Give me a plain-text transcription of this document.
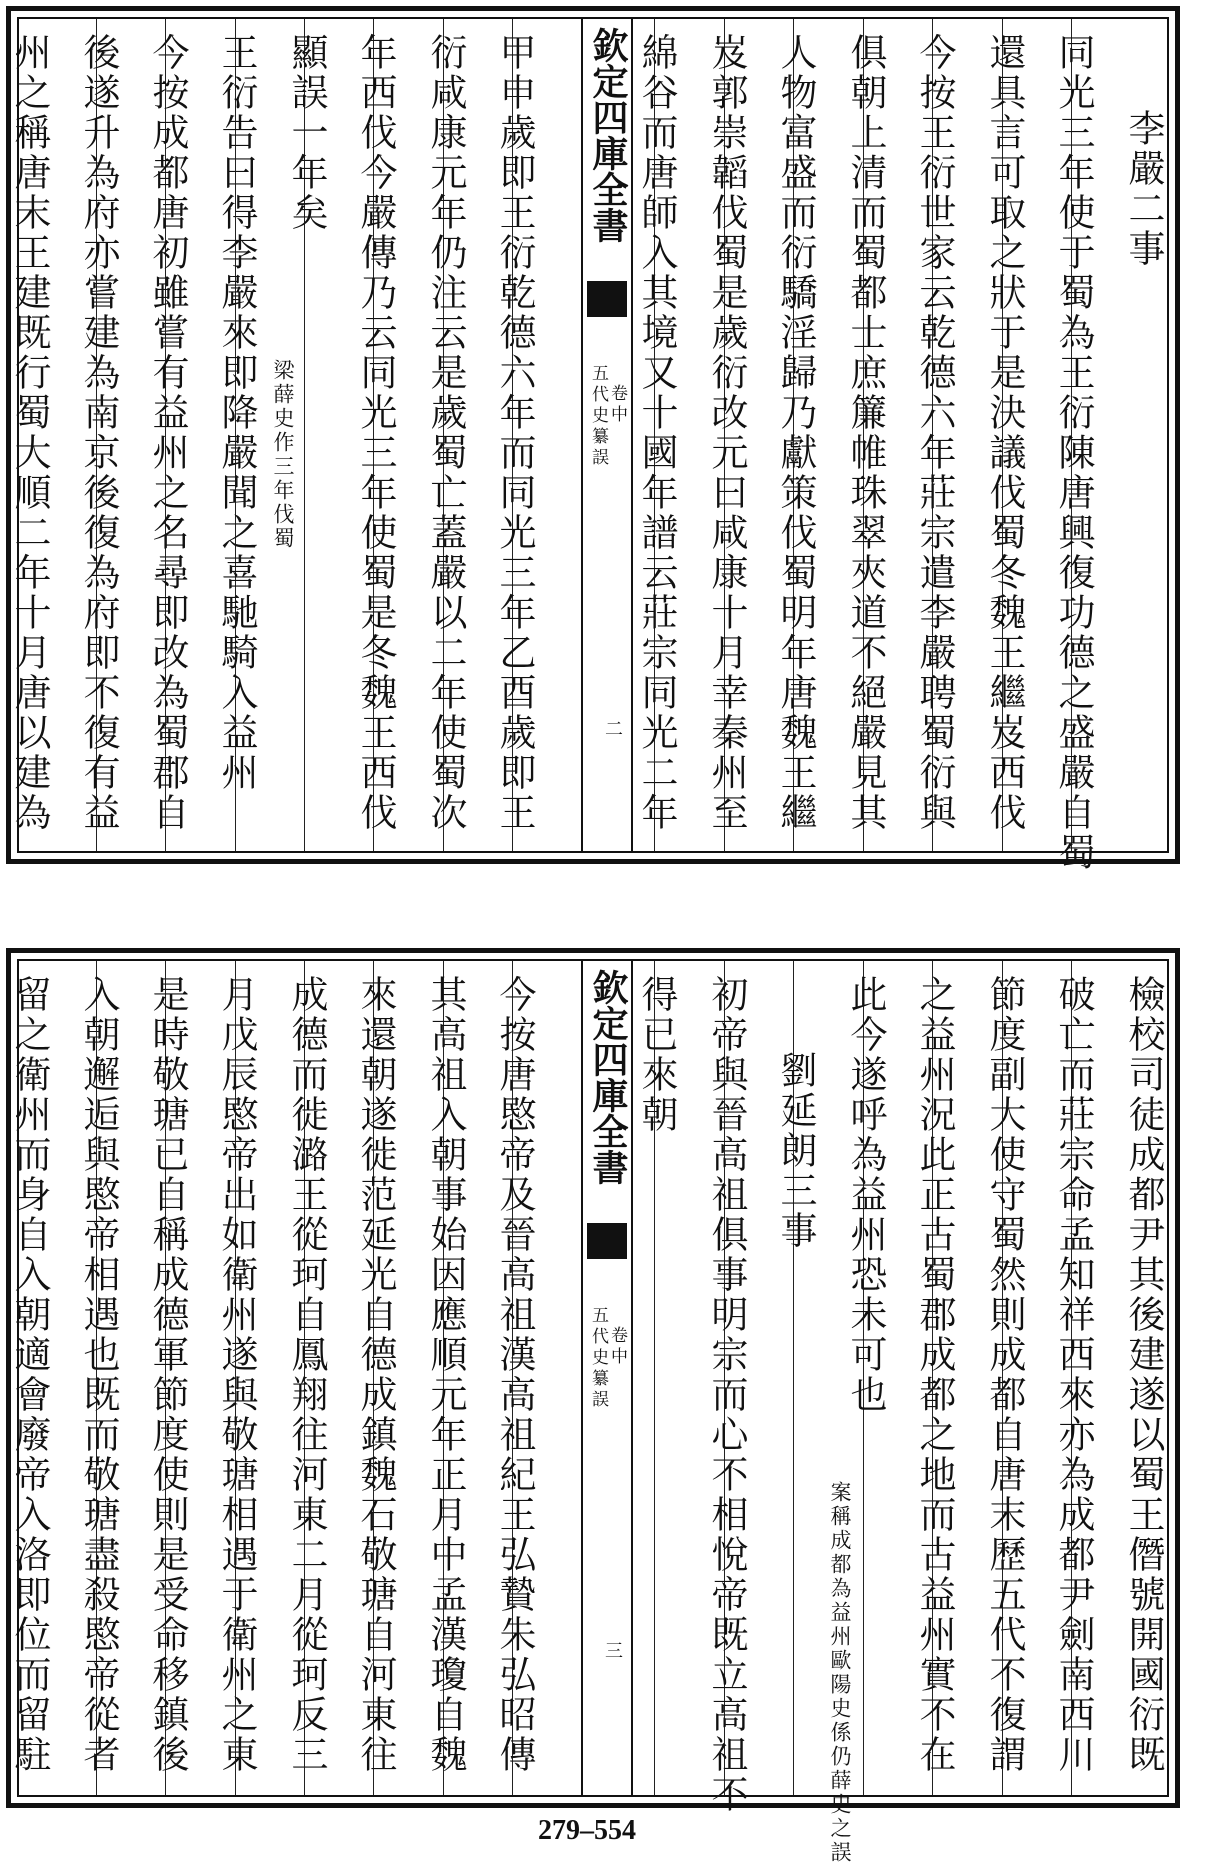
欽定四庫全書
五代史纂誤 卷中
二
李嚴二事
同光三年使于蜀為王衍陳唐興復功德之盛嚴自蜀
還具言可取之狀于是決議伐蜀冬魏王繼岌西伐
今按王衍世家云乾德六年莊宗遣李嚴聘蜀衍與
俱朝上清而蜀都士庶簾帷珠翠夾道不絕嚴見其
人物富盛而衍驕淫歸乃獻策伐蜀明年唐魏王繼
岌郭崇韜伐蜀是歲衍改元曰咸康十月幸秦州至
綿谷而唐師入其境又十國年譜云莊宗同光二年
甲申歲即王衍乾德六年而同光三年乙酉歲即王
衍咸康元年仍注云是歲蜀亡蓋嚴以二年使蜀次
年西伐今嚴傳乃云同光三年使蜀是冬魏王西伐
顯誤一年矣
梁薛史作三年伐蜀
王衍告曰得李嚴來即降嚴聞之喜馳騎入益州
今按成都唐初雖嘗有益州之名尋即改為蜀郡自
後遂升為府亦嘗建為南京後復為府即不復有益
州之稱唐末王建既行蜀大順二年十月唐以建為
欽定四庫全書
五代史纂誤 卷中
三	檢校司徒成都尹其後建遂以蜀王僭號開國衍既
破亡而莊宗命孟知祥西來亦為成都尹劍南西川
節度副大使守蜀然則成都自唐末歷五代不復謂
之益州況此正古蜀郡成都之地而古益州實不在
此今遂呼為益州恐未可也
案稱成都為益州歐陽史係仍薛史之誤
劉延朗三事
初帝與晉高祖俱事明宗而心不相悅帝既立高祖不
得已來朝
今按唐愍帝及晉高祖漢高祖紀王弘贄朱弘昭傳
其高祖入朝事始因應順元年正月中孟漢瓊自魏
來還朝遂徙范延光自德成鎮魏石敬瑭自河東往
成德而徙潞王從珂自鳳翔往河東二月從珂反三
月戊辰愍帝出如衛州遂與敬瑭相遇于衛州之東
是時敬瑭已自稱成德軍節度使則是受命移鎮後
入朝邂逅與愍帝相遇也既而敬瑭盡殺愍帝從者
留之衛州而身自入朝適會廢帝入洛即位而留駐
279–554
